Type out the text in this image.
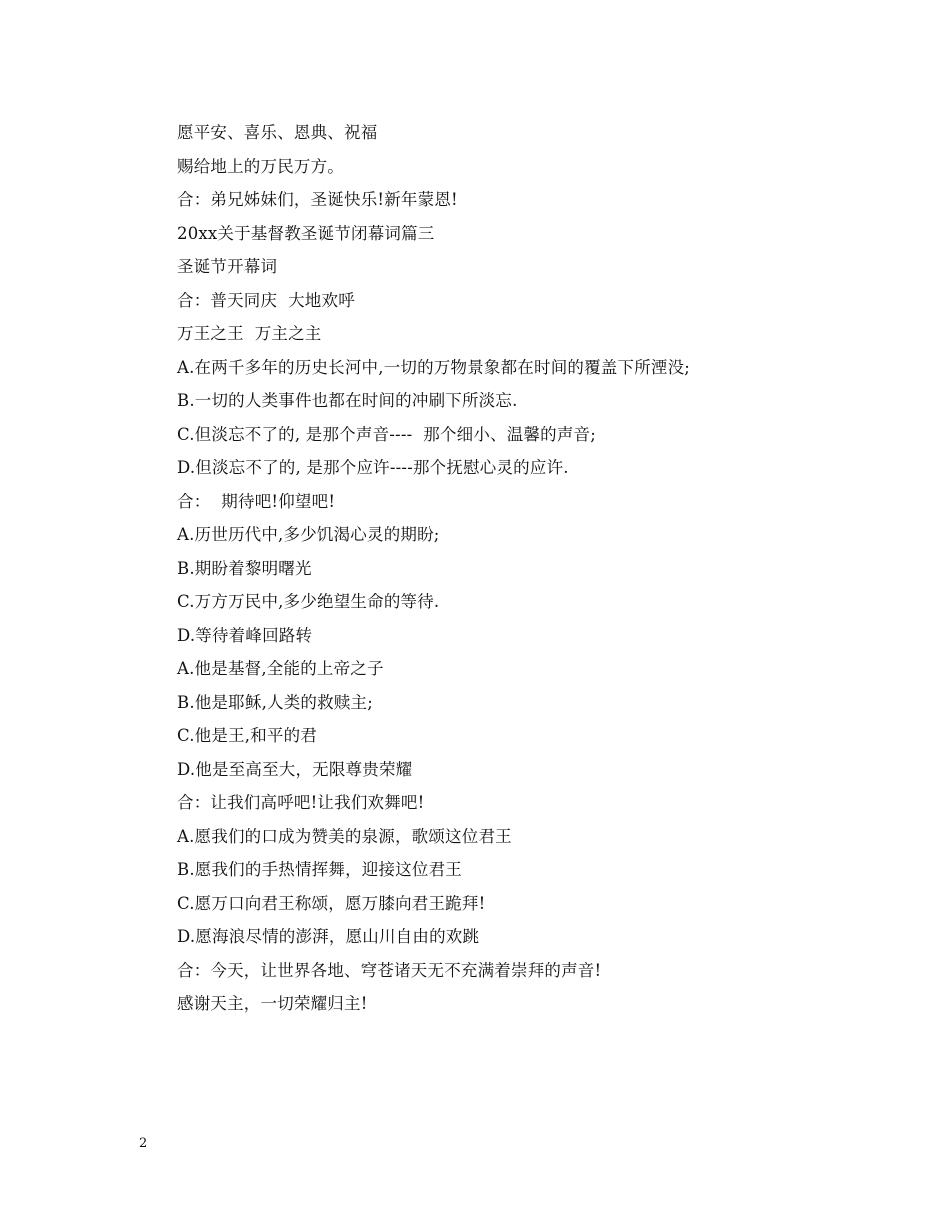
愿平安、喜乐、恩典、祝福
赐给地上的万民万方。
合：弟兄姊妹们，圣诞快乐!新年蒙恩!
20xx关于基督教圣诞节闭幕词篇三
圣诞节开幕词
合：普天同庆  大地欢呼
万王之王  万主之主
A.在两千多年的历史长河中,一切的万物景象都在时间的覆盖下所湮没;
B.一切的人类事件也都在时间的冲刷下所淡忘.
C.但淡忘不了的, 是那个声音----  那个细小、温馨的声音;
D.但淡忘不了的, 是那个应许----那个抚慰心灵的应许.
合：  期待吧!仰望吧!
A.历世历代中,多少饥渴心灵的期盼;
B.期盼着黎明曙光
C.万方万民中,多少绝望生命的等待.
D.等待着峰回路转
A.他是基督,全能的上帝之子
B.他是耶稣,人类的救赎主;
C.他是王,和平的君
D.他是至高至大，无限尊贵荣耀
合：让我们高呼吧!让我们欢舞吧!
A.愿我们的口成为赞美的泉源，歌颂这位君王
B.愿我们的手热情挥舞，迎接这位君王
C.愿万口向君王称颂，愿万膝向君王跪拜!
D.愿海浪尽情的澎湃，愿山川自由的欢跳
合：今天，让世界各地、穹苍诸天无不充满着崇拜的声音!
感谢天主，一切荣耀归主!
2
